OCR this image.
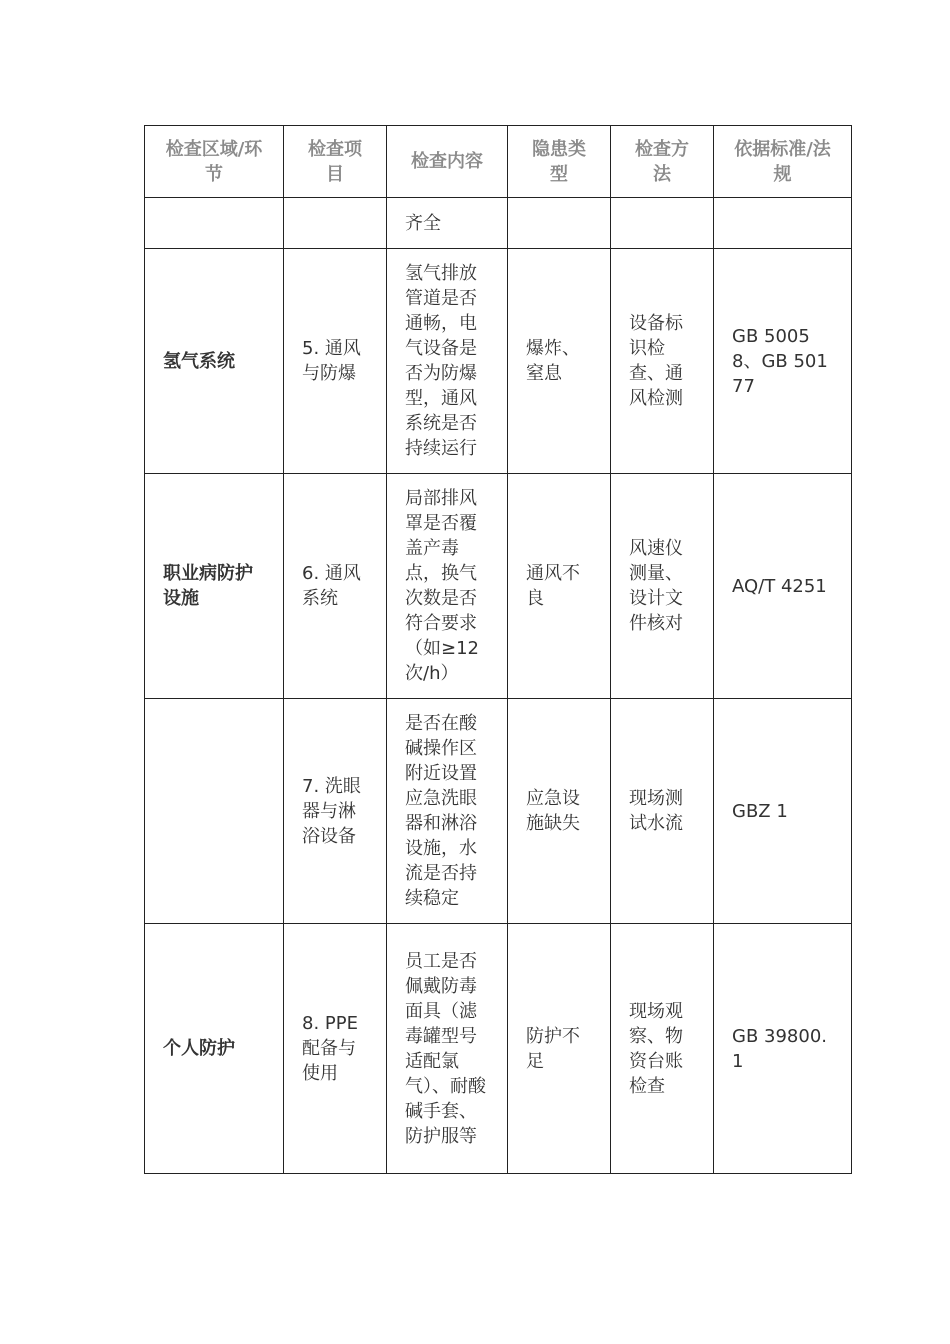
检查区域/环节	检查项目	检查内容	隐患类型	检查方法	依据标准/法规
		齐全			
氢气系统	5. 通风与防爆	氢气排放管道是否通畅，电气设备是否为防爆型，通风系统是否持续运行	爆炸、窒息	设备标识检查、通风检测	GB 50058、GB 50177
职业病防护设施	6. 通风系统	局部排风罩是否覆盖产毒点，换气次数是否符合要求（如≥12次/h）	通风不良	风速仪测量、设计文件核对	AQ/T 4251
	7. 洗眼器与淋浴设备	是否在酸碱操作区附近设置应急洗眼器和淋浴设施，水流是否持续稳定	应急设施缺失	现场测试水流	GBZ 1
个人防护	8. PPE配备与使用	员工是否佩戴防毒面具（滤毒罐型号适配氯气）、耐酸碱手套、防护服等	防护不足	现场观察、物资台账检查	GB 39800.1
